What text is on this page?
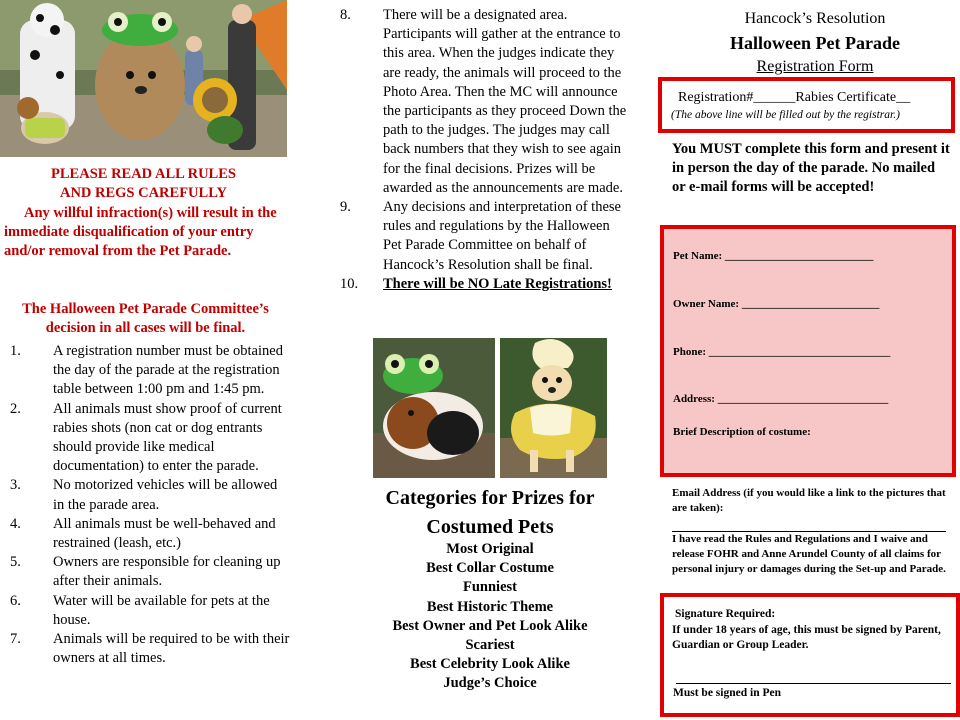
PLEASE READ ALL RULES
AND REGS CAREFULLY
Any willful infraction(s) will result in the immediate disqualification of your entry and/or removal from the Pet Parade.
The Halloween Pet Parade Committee’s decision in all cases will be final.
1. A registration number must be obtained the day of the parade at the registration table between 1:00 pm and 1:45 pm.
2. All animals must show proof of current rabies shots (non cat or dog entrants should provide like medical documentation) to enter the parade.
3. No motorized vehicles will be allowed in the parade area.
4. All animals must be well-behaved and restrained (leash, etc.)
5. Owners are responsible for cleaning up after their animals.
6. Water will be available for pets at the house.
7. Animals will be required to be with their owners at all times.
8. There will be a designated area. Participants will gather at the entrance to this area. When the judges indicate they are ready, the animals will proceed to the Photo Area. Then the MC will announce the participants as they proceed Down the path to the judges. The judges may call back numbers that they wish to see again for the final decisions. Prizes will be awarded as the announcements are made.
9. Any decisions and interpretation of these rules and regulations by the Halloween Pet Parade Committee on behalf of Hancock’s Resolution shall be final.
10. There will be NO Late Registrations!
Categories for Prizes for
Costumed Pets
Most Original
Best Collar Costume
Funniest
Best Historic Theme
Best Owner and Pet Look Alike
Scariest
Best Celebrity Look Alike
Judge’s Choice
Hancock’s Resolution
Halloween Pet Parade
Registration Form
Registration#______Rabies Certificate__
(The above line will be filled out by the registrar.)
You MUST complete this form and present it in person the day of the parade. No mailed or e-mail forms will be accepted!
Pet Name: ___________________________
Owner Name: _________________________
Phone: _________________________________
Address: _______________________________
Brief Description of costume:
Email Address (if you would like a link to the pictures that are taken):
I have read the Rules and Regulations and I waive and release FOHR and Anne Arundel County of all claims for personal injury or damages during the Set-up and Parade.
Signature Required:
If under 18 years of age, this must be signed by Parent, Guardian or Group Leader.
Must be signed in Pen
